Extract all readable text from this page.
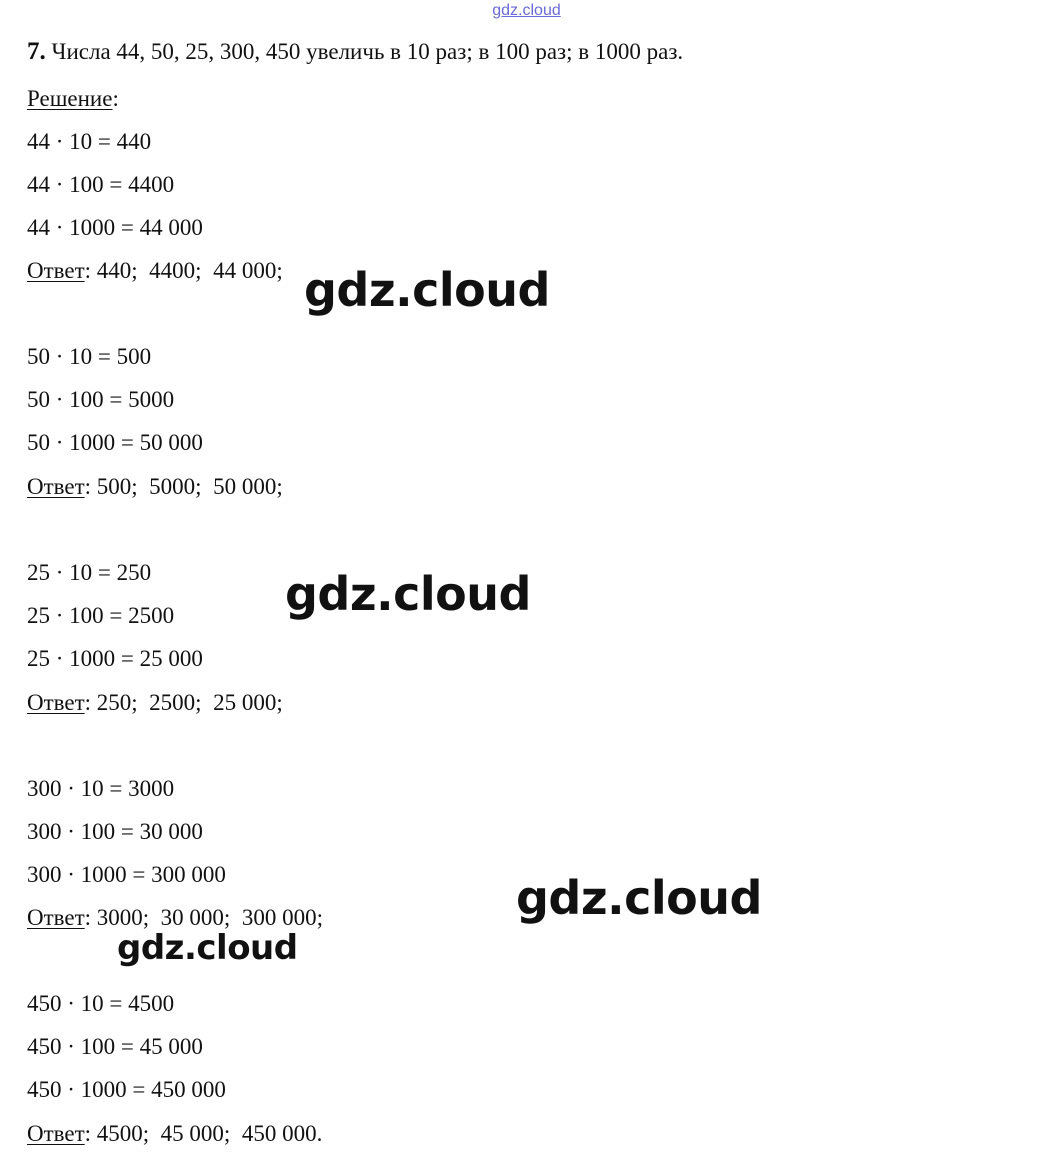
gdz.cloud
7. Числа 44, 50, 25, 300, 450 увеличь в 10 раз; в 100 раз; в 1000 раз.
Решение:
44 · 10 = 440
44 · 100 = 4400
44 · 1000 = 44 000
Ответ: 440;  4400;  44 000;
50 · 10 = 500
50 · 100 = 5000
50 · 1000 = 50 000
Ответ: 500;  5000;  50 000;
25 · 10 = 250
25 · 100 = 2500
25 · 1000 = 25 000
Ответ: 250;  2500;  25 000;
300 · 10 = 3000
300 · 100 = 30 000
300 · 1000 = 300 000
Ответ: 3000;  30 000;  300 000;
450 · 10 = 4500
450 · 100 = 45 000
450 · 1000 = 450 000
Ответ: 4500;  45 000;  450 000.
gdz.cloud
gdz.cloud
gdz.cloud
gdz.cloud
